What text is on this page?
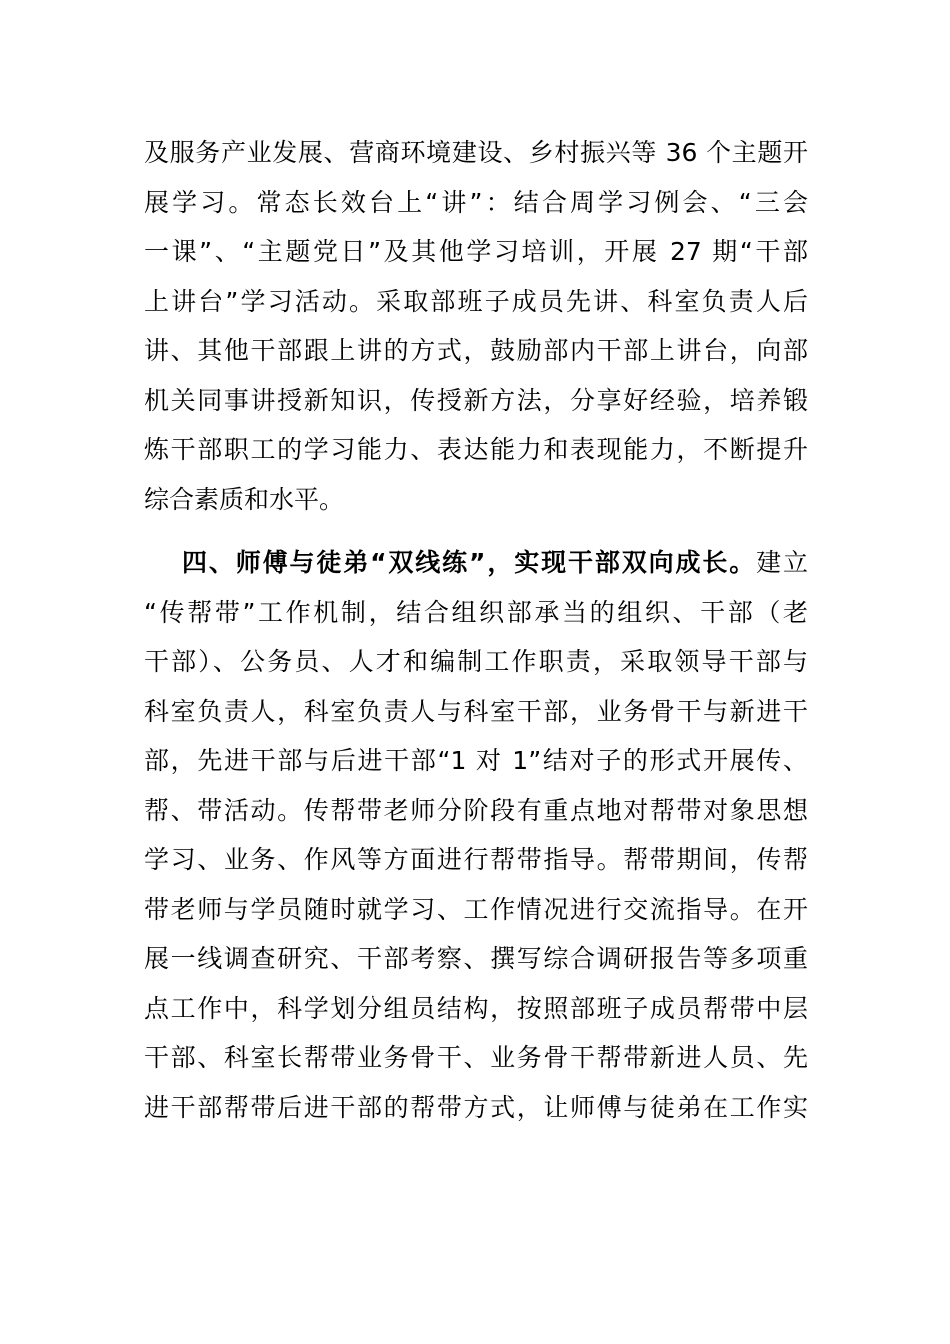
及服务产业发展、营商环境建设、乡村振兴等 36 个主题开
展学习。常态长效台上“讲”：结合周学习例会、“三会
一课”、“主题党日”及其他学习培训，开展 27 期“干部
上讲台”学习活动。采取部班子成员先讲、科室负责人后
讲、其他干部跟上讲的方式，鼓励部内干部上讲台，向部
机关同事讲授新知识，传授新方法，分享好经验，培养锻
炼干部职工的学习能力、表达能力和表现能力，不断提升
综合素质和水平。
四、师傅与徒弟“双线练”，实现干部双向成长。建立
“传帮带”工作机制，结合组织部承当的组织、干部（老
干部）、公务员、人才和编制工作职责，采取领导干部与
科室负责人，科室负责人与科室干部，业务骨干与新进干
部，先进干部与后进干部“1 对 1”结对子的形式开展传、
帮、带活动。传帮带老师分阶段有重点地对帮带对象思想
学习、业务、作风等方面进行帮带指导。帮带期间，传帮
带老师与学员随时就学习、工作情况进行交流指导。在开
展一线调查研究、干部考察、撰写综合调研报告等多项重
点工作中，科学划分组员结构，按照部班子成员帮带中层
干部、科室长帮带业务骨干、业务骨干帮带新进人员、先
进干部帮带后进干部的帮带方式，让师傅与徒弟在工作实
